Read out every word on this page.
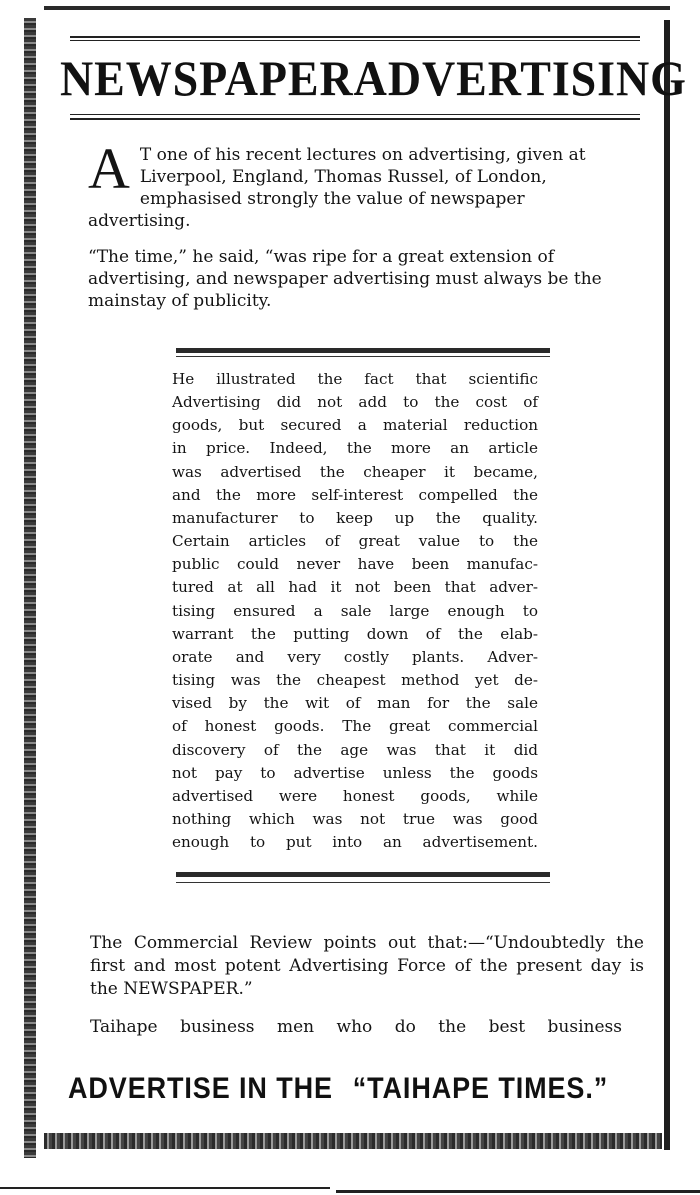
NEWSPAPER ADVERTISING

A T one of his recent lectures on advertising, given at Liverpool, England, Thomas Russel, of London, emphasised strongly the value of newspaper advertising.

“The time,” he said, “was ripe for a great extension of advertising, and newspaper advertising must always be the mainstay of publicity.

He illustrated the fact that scientific
Advertising did not add to the cost of
goods, but secured a material reduction
in price. Indeed, the more an article
was advertised the cheaper it became,
and the more self-interest compelled the
manufacturer to keep up the quality.
Certain articles of great value to the
public could never have been manufac-
tured at all had it not been that adver-
tising ensured a sale large enough to
warrant the putting down of the elab-
orate and very costly plants. Adver-
tising was the cheapest method yet de-
vised by the wit of man for the sale
of honest goods. The great commercial
discovery of the age was that it did
not pay to advertise unless the goods
advertised were honest goods, while
nothing which was not true was good
enough to put into an advertisement.

The Commercial Review points out that:—“Undoubtedly the first and most potent Advertising Force of the present day is the NEWSPAPER.”

Taihape business men who do the best business

ADVERTISE IN THE “TAIHAPE TIMES.”
